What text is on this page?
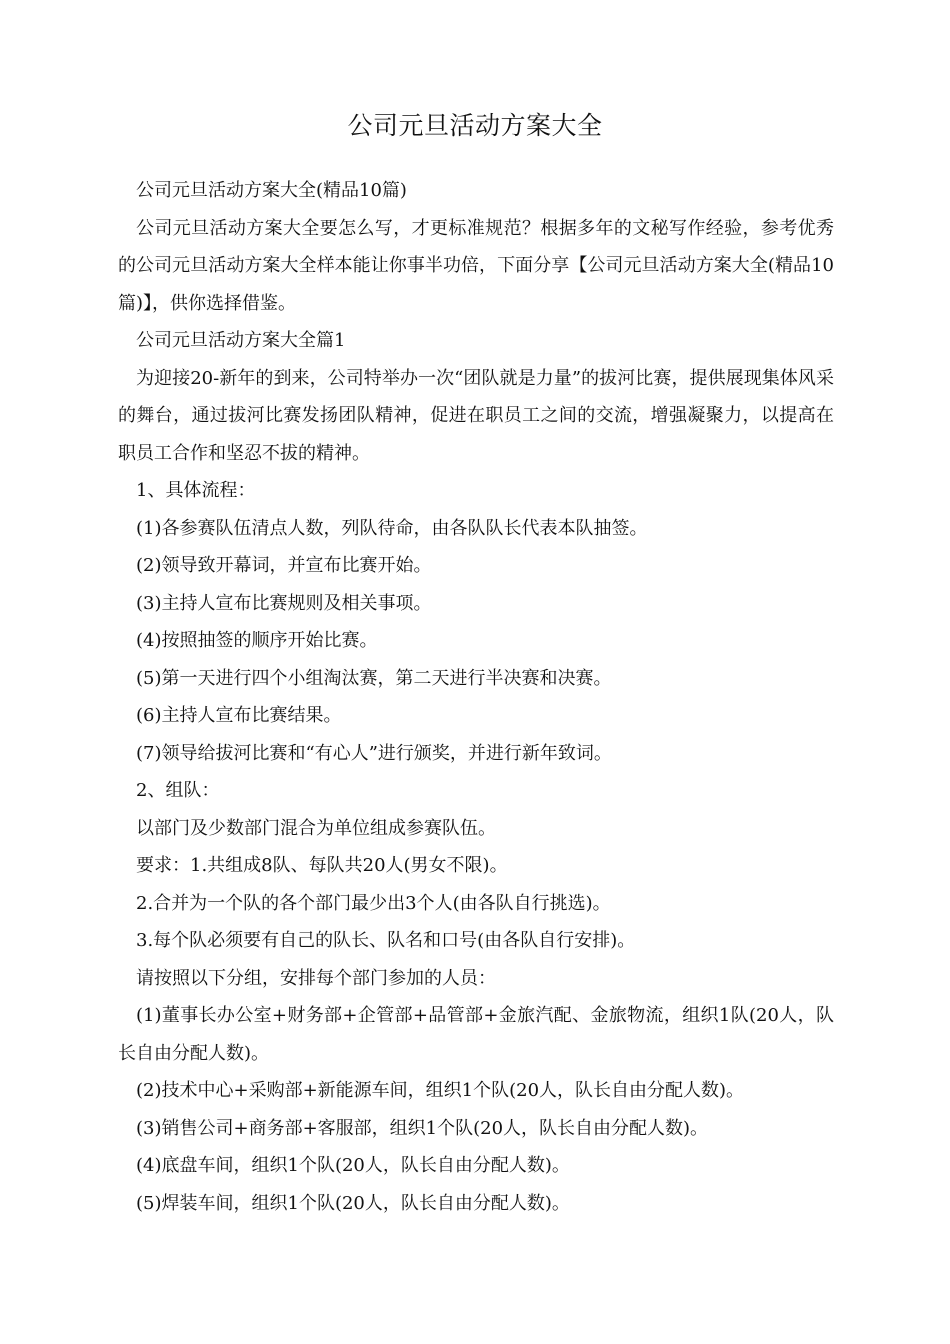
公司元旦活动方案大全

公司元旦活动方案大全(精品10篇)

公司元旦活动方案大全要怎么写，才更标准规范？根据多年的文秘写作经验，参考优秀的公司元旦活动方案大全样本能让你事半功倍，下面分享【公司元旦活动方案大全(精品10篇)】，供你选择借鉴。

公司元旦活动方案大全篇1

为迎接20-新年的到来，公司特举办一次“团队就是力量”的拔河比赛，提供展现集体风采的舞台，通过拔河比赛发扬团队精神，促进在职员工之间的交流，增强凝聚力，以提高在职员工合作和坚忍不拔的精神。

1、具体流程：

(1)各参赛队伍清点人数，列队待命，由各队队长代表本队抽签。

(2)领导致开幕词，并宣布比赛开始。

(3)主持人宣布比赛规则及相关事项。

(4)按照抽签的顺序开始比赛。

(5)第一天进行四个小组淘汰赛，第二天进行半决赛和决赛。

(6)主持人宣布比赛结果。

(7)领导给拔河比赛和“有心人”进行颁奖，并进行新年致词。

2、组队：

以部门及少数部门混合为单位组成参赛队伍。

要求：1.共组成8队、每队共20人(男女不限)。

2.合并为一个队的各个部门最少出3个人(由各队自行挑选)。

3.每个队必须要有自己的队长、队名和口号(由各队自行安排)。

请按照以下分组，安排每个部门参加的人员：

(1)董事长办公室+财务部+企管部+品管部+金旅汽配、金旅物流，组织1队(20人，队长自由分配人数)。

(2)技术中心+采购部+新能源车间，组织1个队(20人，队长自由分配人数)。

(3)销售公司+商务部+客服部，组织1个队(20人，队长自由分配人数)。

(4)底盘车间，组织1个队(20人，队长自由分配人数)。

(5)焊装车间，组织1个队(20人，队长自由分配人数)。
